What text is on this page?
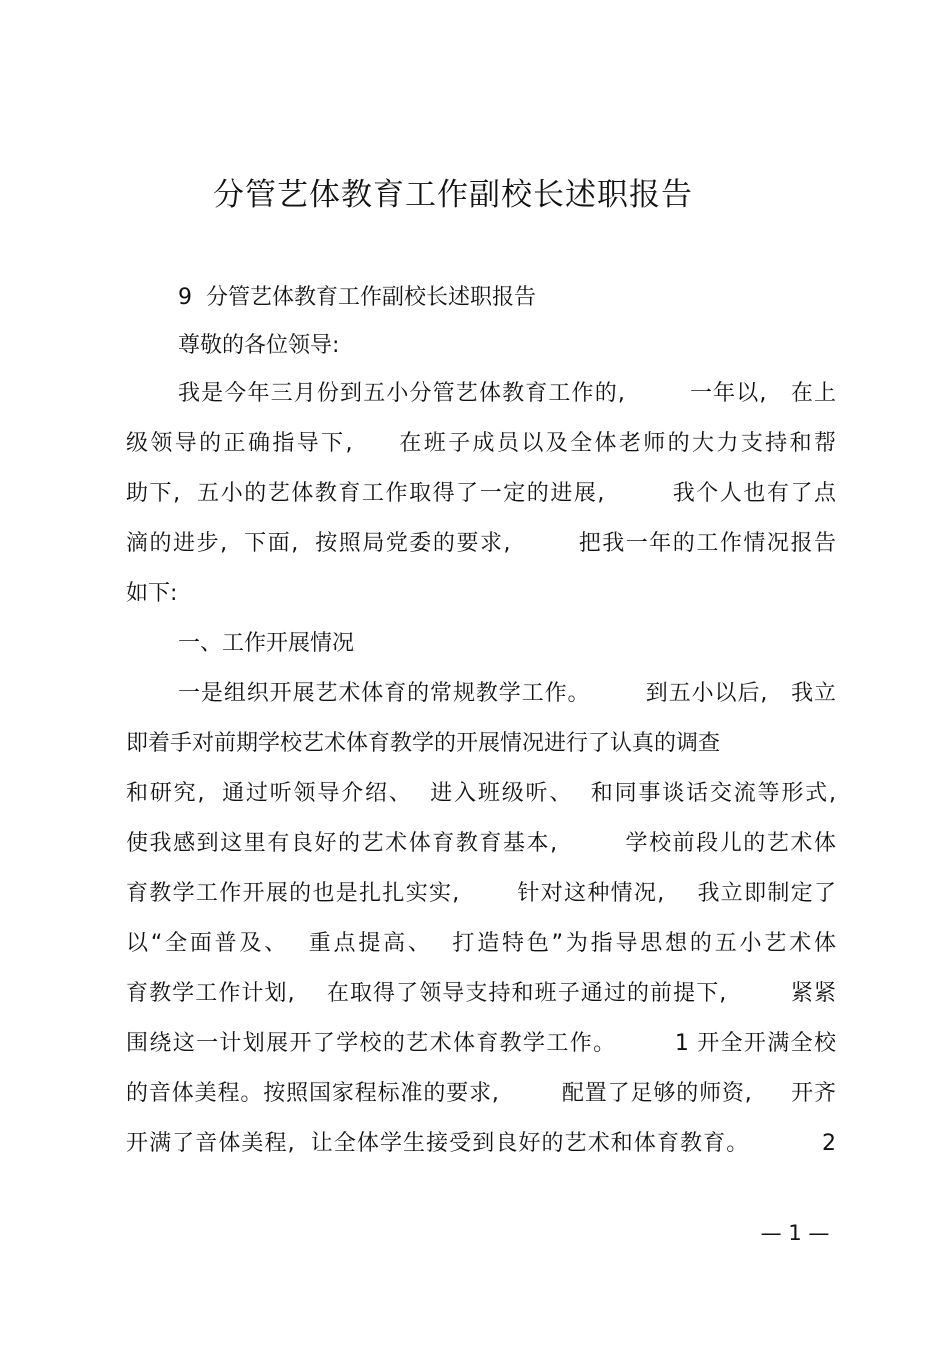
分管艺体教育工作副校长述职报告
9  分管艺体教育工作副校长述职报告
尊敬的各位领导:
我是今年三月份到五小分管艺体教育工作的,        一年以,   在上
级领导的正确指导下,     在班子成员以及全体老师的大力支持和帮
助下,  五小的艺体教育工作取得了一定的进展,        我个人也有了点
滴的进步,  下面,  按照局党委的要求,        把我一年的工作情况报告
如下:
一、工作开展情况
一是组织开展艺术体育的常规教学工作。       到五小以后,   我立
即着手对前期学校艺术体育教学的开展情况进行了认真的调查
和研究,  通过听领导介绍、  进入班级听、  和同事谈话交流等形式,
使我感到这里有良好的艺术体育教育基本,        学校前段儿的艺术体
育教学工作开展的也是扎扎实实,       针对这种情况,    我立即制定了
以“全面普及、  重点提高、  打造特色”为指导思想的五小艺术体
育教学工作计划,    在取得了领导支持和班子通过的前提下,        紧紧
围绕这一计划展开了学校的艺术体育教学工作。       1 开全开满全校
的音体美程。按照国家程标准的要求,        配置了足够的师资,     开齐
开满了音体美程,  让全体学生接受到良好的艺术和体育教育。         2
— 1 —
